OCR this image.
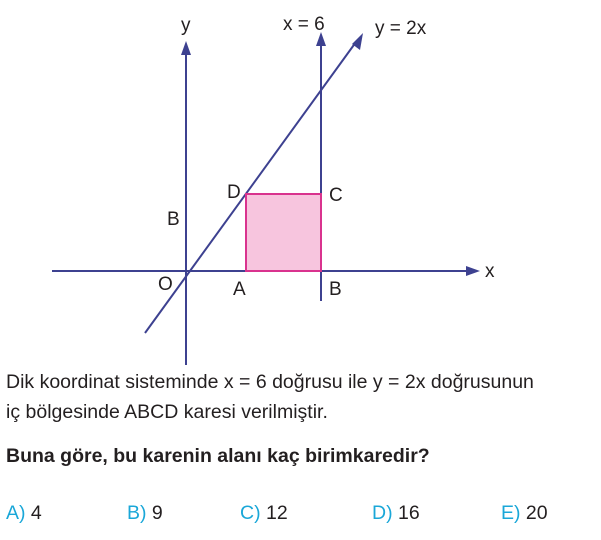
y	x = 6	y = 2x
x
O	A	B
C
D
B

Dik koordinat sisteminde x = 6 doğrusu ile y = 2x doğrusunun
iç bölgesinde ABCD karesi verilmiştir.

Buna göre, bu karenin alanı kaç birimkaredir?

A) 4	B) 9	C) 12	D) 16	E) 20
